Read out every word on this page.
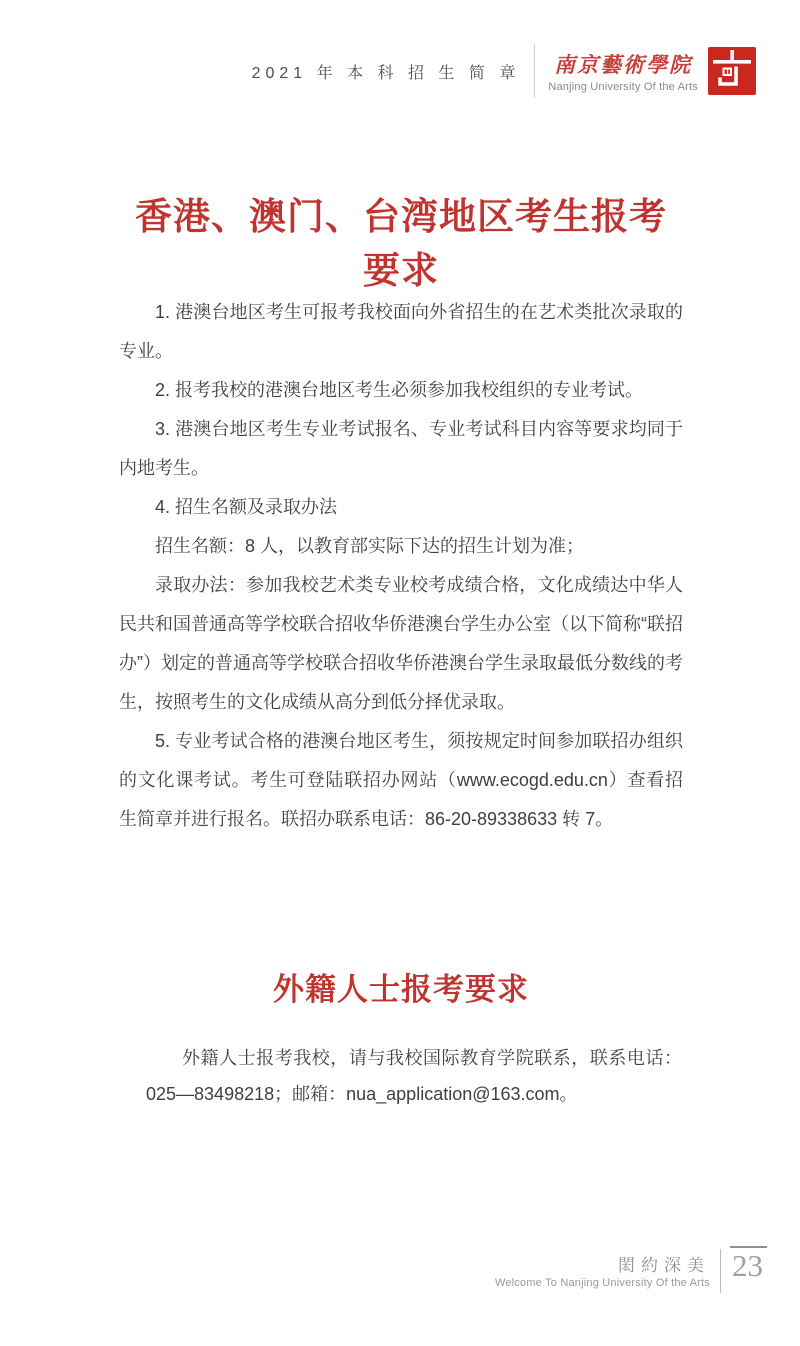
2021 年 本 科 招 生 简 章 南京藝術學院
Nanjing University Of the Arts
香港、澳门、台湾地区考生报考要求

1. 港澳台地区考生可报考我校面向外省招生的在艺术类批次录取的专业。

2. 报考我校的港澳台地区考生必须参加我校组织的专业考试。

3. 港澳台地区考生专业考试报名、专业考试科目内容等要求均同于内地考生。

4. 招生名额及录取办法

招生名额：8 人，以教育部实际下达的招生计划为准；

录取办法：参加我校艺术类专业校考成绩合格，文化成绩达中华人民共和国普通高等学校联合招收华侨港澳台学生办公室（以下简称“联招办”）划定的普通高等学校联合招收华侨港澳台学生录取最低分数线的考生，按照考生的文化成绩从高分到低分择优录取。

5. 专业考试合格的港澳台地区考生，须按规定时间参加联招办组织的文化课考试。考生可登陆联招办网站（www.ecogd.edu.cn）查看招生简章并进行报名。联招办联系电话：86-20-89338633 转 7。

外籍人士报考要求

外籍人士报考我校，请与我校国际教育学院联系，联系电话：025—83498218；邮箱：nua_application@163.com。

閎約深美
Welcome To Nanjing University Of the Arts 23
